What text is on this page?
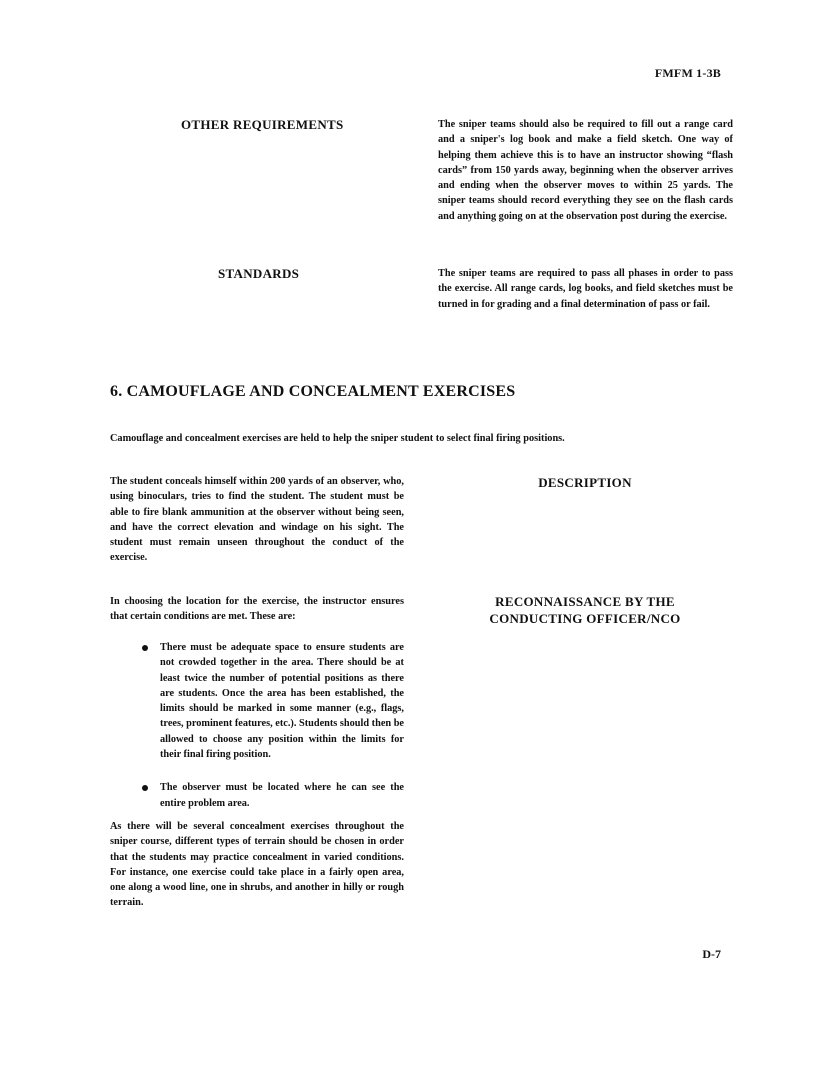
FMFM 1-3B
OTHER REQUIREMENTS	The sniper teams should also be required to fill out a range card and a sniper's log book and make a field sketch. One way of helping them achieve this is to have an instructor showing “flash cards” from 150 yards away, beginning when the observer arrives and ending when the observer moves to within 25 yards. The sniper teams should record everything they see on the flash cards and anything going on at the observation post during the exercise.

STANDARDS	The sniper teams are required to pass all phases in order to pass the exercise. All range cards, log books, and field sketches must be turned in for grading and a final determination of pass or fail.

6. CAMOUFLAGE AND CONCEALMENT EXERCISES

Camouflage and concealment exercises are held to help the sniper student to select final firing positions.

The student conceals himself within 200 yards of an observer, who, using binoculars, tries to find the student. The student must be able to fire blank ammunition at the observer without being seen, and have the correct elevation and windage on his sight. The student must remain unseen throughout the conduct of the exercise.

DESCRIPTION

In choosing the location for the exercise, the instructor ensures that certain conditions are met. These are:

RECONNAISSANCE BY THE
CONDUCTING OFFICER/NCO
There must be adequate space to ensure students are not crowded together in the area. There should be at least twice the number of potential positions as there are students. Once the area has been established, the limits should be marked in some manner (e.g., flags, trees, prominent features, etc.). Students should then be allowed to choose any position within the limits for their final firing position.
The observer must be located where he can see the entire problem area.

As there will be several concealment exercises throughout the sniper course, different types of terrain should be chosen in order that the students may practice concealment in varied conditions. For instance, one exercise could take place in a fairly open area, one along a wood line, one in shrubs, and another in hilly or rough terrain.

D-7
